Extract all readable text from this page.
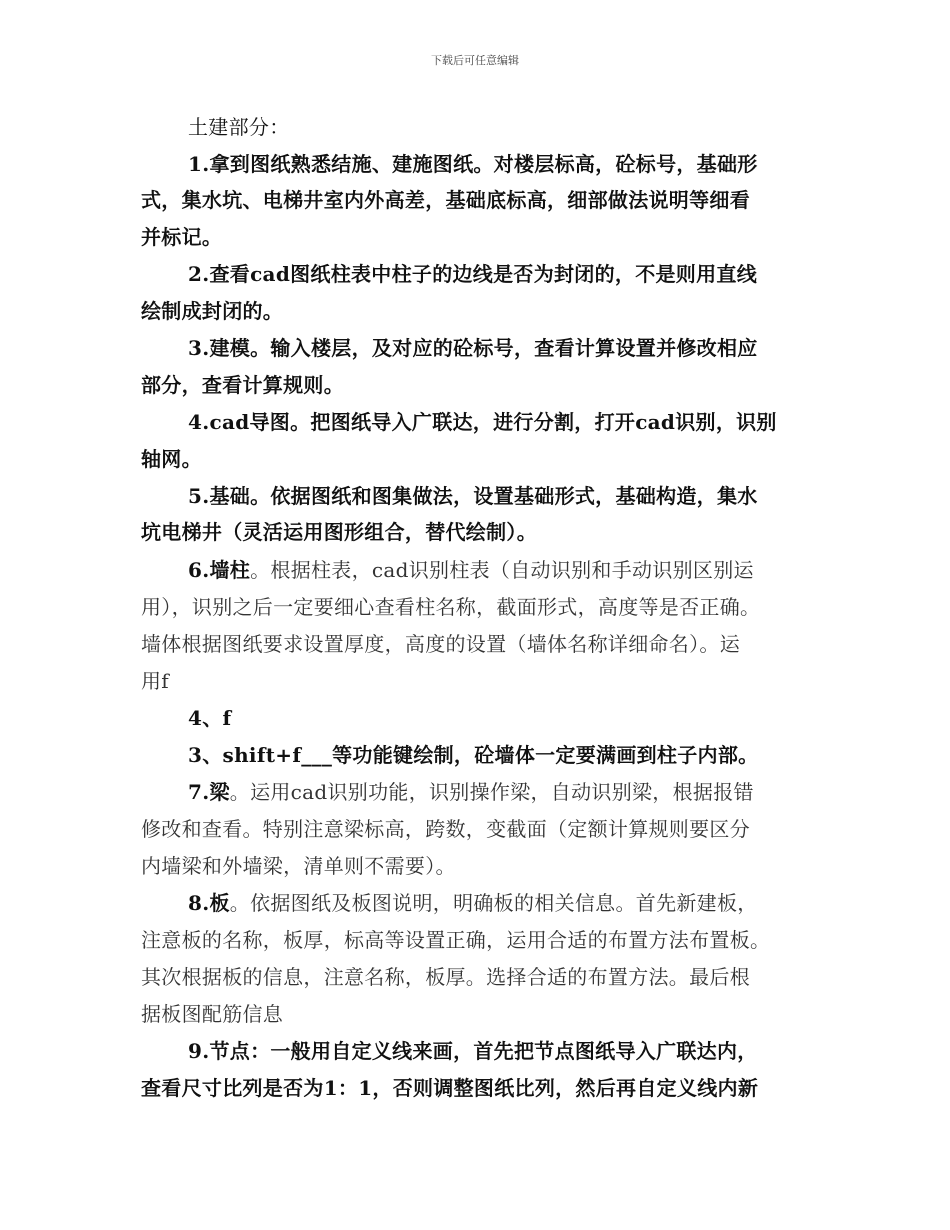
下载后可任意编辑
土建部分：
1.拿到图纸熟悉结施、建施图纸。对楼层标高，砼标号，基础形
式，集水坑、电梯井室内外高差，基础底标高，细部做法说明等细看
并标记。
2.查看cad图纸柱表中柱子的边线是否为封闭的，不是则用直线
绘制成封闭的。
3.建模。输入楼层，及对应的砼标号，查看计算设置并修改相应
部分，查看计算规则。
4.cad导图。把图纸导入广联达，进行分割，打开cad识别，识别
轴网。
5.基础。依据图纸和图集做法，设置基础形式，基础构造，集水
坑电梯井（灵活运用图形组合，替代绘制）。
6.墙柱。根据柱表，cad识别柱表（自动识别和手动识别区别运
用），识别之后一定要细心查看柱名称，截面形式，高度等是否正确。
墙体根据图纸要求设置厚度，高度的设置（墙体名称详细命名）。运
用f
4、f
3、shift+f___等功能键绘制，砼墙体一定要满画到柱子内部。
7.梁。运用cad识别功能，识别操作梁，自动识别梁，根据报错
修改和查看。特别注意梁标高，跨数，变截面（定额计算规则要区分
内墙梁和外墙梁，清单则不需要）。
8.板。依据图纸及板图说明，明确板的相关信息。首先新建板，
注意板的名称，板厚，标高等设置正确，运用合适的布置方法布置板。
其次根据板的信息，注意名称，板厚。选择合适的布置方法。最后根
据板图配筋信息
9.节点：一般用自定义线来画，首先把节点图纸导入广联达内，
查看尺寸比列是否为1：1，否则调整图纸比列，然后再自定义线内新
